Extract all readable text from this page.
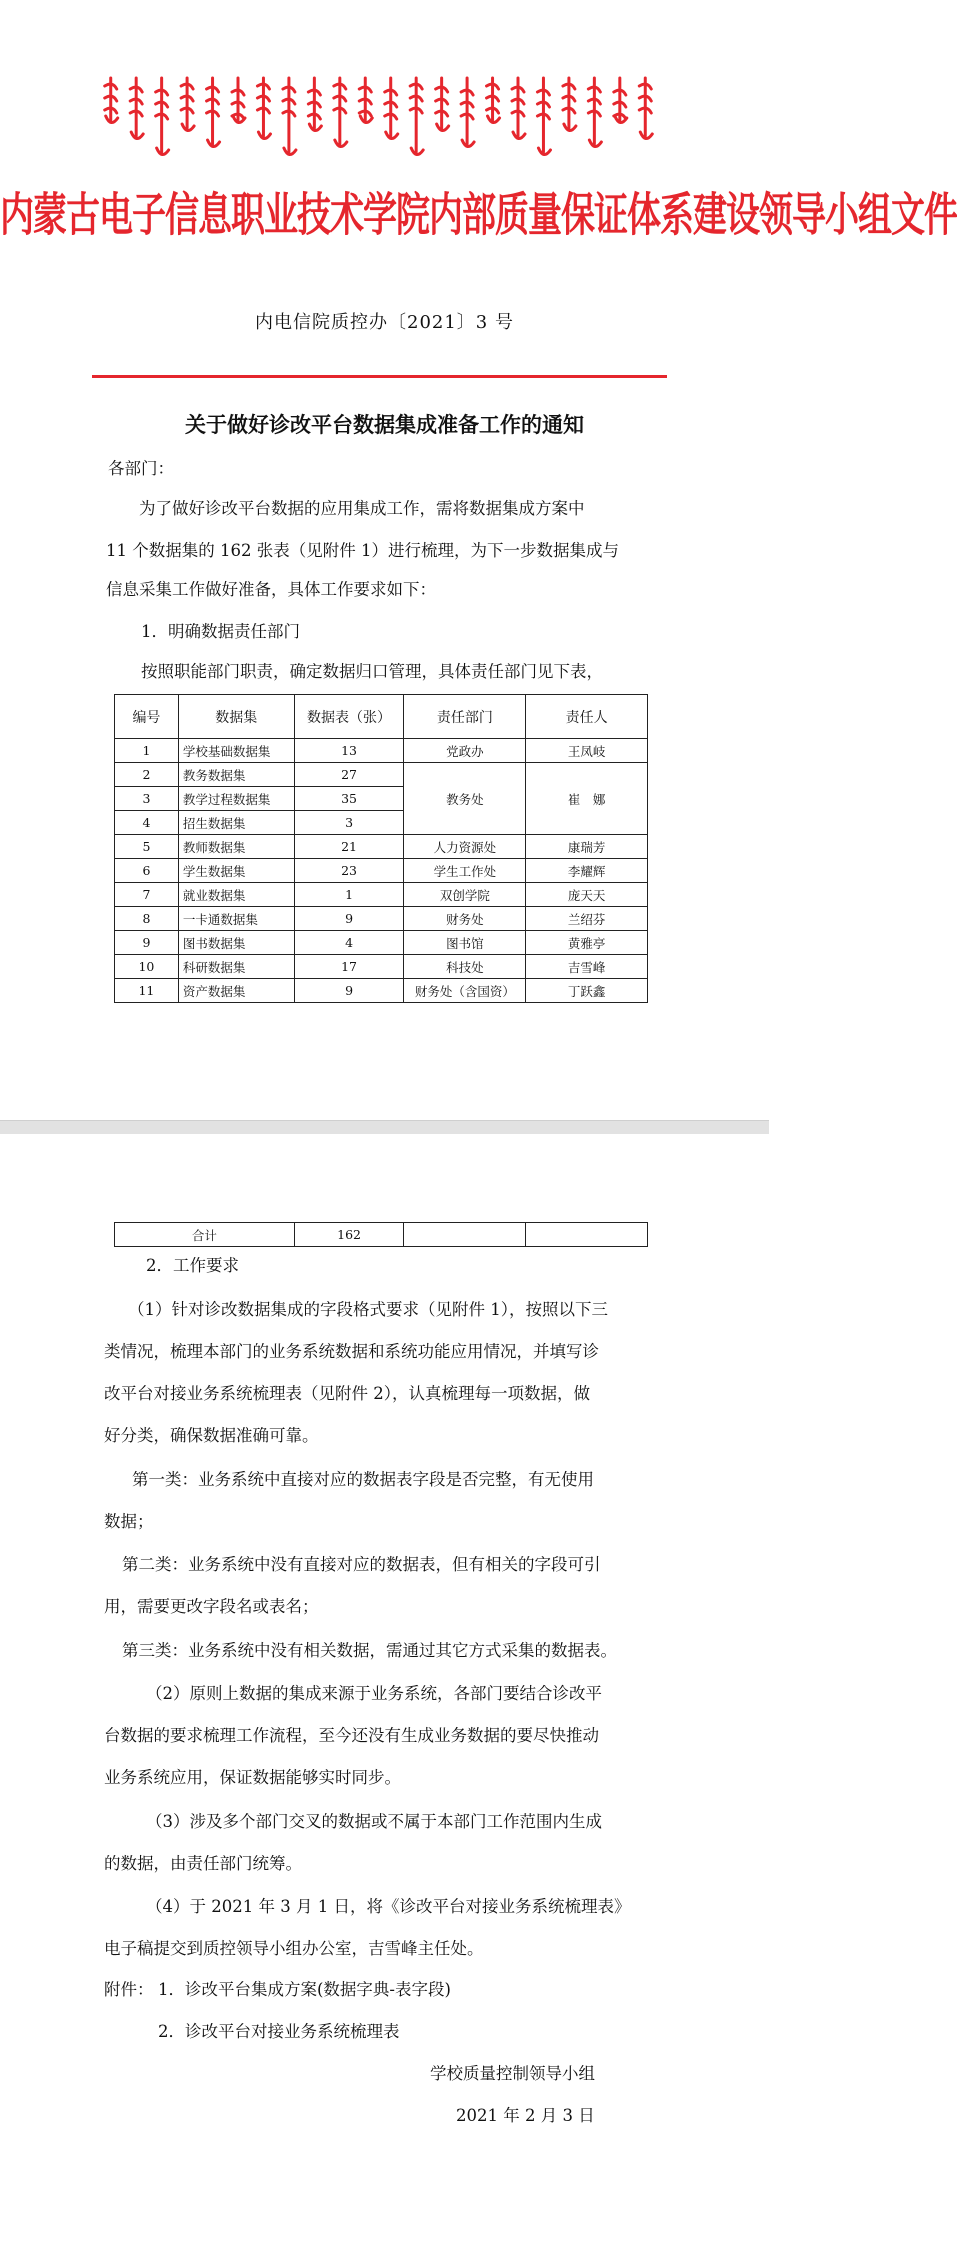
ᠥᠪᠥᠷ ᠮᠣᠩᠭᠣᠯ ᠤᠨ ᠴᠠᠬᠢᠯᠭᠠᠨ ᠮᠡᠳᠡᠭᠡᠯᠡᠯ ᠤᠨ ᠮᠡᠷᠭᠡᠵᠢᠯ ᠤᠨ ᠲᠧᠬᠨᠢᠺ ᠤᠨ ᠳᠡᠭᠡᠳᠦ ᠰᠤᠷᠭᠠᠭᠤᠯᠢ
内蒙古电子信息职业技术学院内部质量保证体系建设领导小组文件
内电信院质控办〔2021〕3 号
关于做好诊改平台数据集成准备工作的通知
各部门：
为了做好诊改平台数据的应用集成工作，需将数据集成方案中
11 个数据集的 162 张表（见附件 1）进行梳理，为下一步数据集成与
信息采集工作做好准备，具体工作要求如下：
1．明确数据责任部门
按照职能部门职责，确定数据归口管理，具体责任部门见下表，
编号	数据集	数据表（张）	责任部门	责任人
1	学校基础数据集	13	党政办	王凤岐
2	教务数据集	27	教务处	崔　娜
3	教学过程数据集	35		
4	招生数据集	3		
5	教师数据集	21	人力资源处	康瑞芳
6	学生数据集	23	学生工作处	李耀辉
7	就业数据集	1	双创学院	庞天天
8	一卡通数据集	9	财务处	兰绍芬
9	图书数据集	4	图书馆	黄雅亭
10	科研数据集	17	科技处	吉雪峰
11	资产数据集	9	财务处（含国资）	丁跃鑫
合计	162		
2．工作要求
（1）针对诊改数据集成的字段格式要求（见附件 1），按照以下三
类情况，梳理本部门的业务系统数据和系统功能应用情况，并填写诊
改平台对接业务系统梳理表（见附件 2），认真梳理每一项数据，做
好分类，确保数据准确可靠。
第一类：业务系统中直接对应的数据表字段是否完整，有无使用
数据；
第二类：业务系统中没有直接对应的数据表，但有相关的字段可引
用，需要更改字段名或表名；
第三类：业务系统中没有相关数据，需通过其它方式采集的数据表。
（2）原则上数据的集成来源于业务系统，各部门要结合诊改平
台数据的要求梳理工作流程，至今还没有生成业务数据的要尽快推动
业务系统应用，保证数据能够实时同步。
（3）涉及多个部门交叉的数据或不属于本部门工作范围内生成
的数据，由责任部门统筹。
（4）于 2021 年 3 月 1 日，将《诊改平台对接业务系统梳理表》
电子稿提交到质控领导小组办公室，吉雪峰主任处。
附件： 1．诊改平台集成方案(数据字典-表字段)
2．诊改平台对接业务系统梳理表
学校质量控制领导小组
2021 年 2 月 3 日
